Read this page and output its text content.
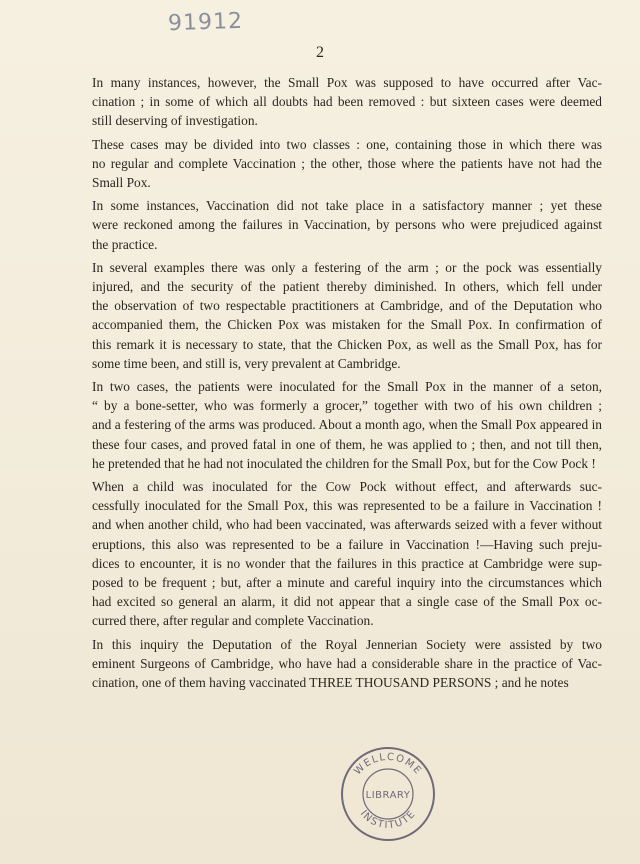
91912
2

In many instances, however, the Small Pox was supposed to have occurred after Vac-
cination ; in some of which all doubts had been removed : but sixteen cases were deemed
still deserving of investigation.

These cases may be divided into two classes : one, containing those in which there was
no regular and complete Vaccination ; the other, those where the patients have not had the
Small Pox.

In some instances, Vaccination did not take place in a satisfactory manner ; yet these
were reckoned among the failures in Vaccination, by persons who were prejudiced against
the practice.

In several examples there was only a festering of the arm ; or the pock was essentially
injured, and the security of the patient thereby diminished. In others, which fell under
the observation of two respectable practitioners at Cambridge, and of the Deputation who
accompanied them, the Chicken Pox was mistaken for the Small Pox. In confirmation of
this remark it is necessary to state, that the Chicken Pox, as well as the Small Pox, has for
some time been, and still is, very prevalent at Cambridge.

In two cases, the patients were inoculated for the Small Pox in the manner of a seton,
“ by a bone-setter, who was formerly a grocer,” together with two of his own children ;
and a festering of the arms was produced. About a month ago, when the Small Pox appeared in
these four cases, and proved fatal in one of them, he was applied to ; then, and not till then,
he pretended that he had not inoculated the children for the Small Pox, but for the Cow Pock !

When a child was inoculated for the Cow Pock without effect, and afterwards suc-
cessfully inoculated for the Small Pox, this was represented to be a failure in Vaccination !
and when another child, who had been vaccinated, was afterwards seized with a fever without
eruptions, this also was represented to be a failure in Vaccination !—Having such preju-
dices to encounter, it is no wonder that the failures in this practice at Cambridge were sup-
posed to be frequent ; but, after a minute and careful inquiry into the circumstances which
had excited so general an alarm, it did not appear that a single case of the Small Pox oc-
curred there, after regular and complete Vaccination.

In this inquiry the Deputation of the Royal Jennerian Society were assisted by two
eminent Surgeons of Cambridge, who have had a considerable share in the practice of Vac-
cination, one of them having vaccinated THREE THOUSAND PERSONS ; and he notes

WELLCOME
LIBRARY
INSTITUTE
